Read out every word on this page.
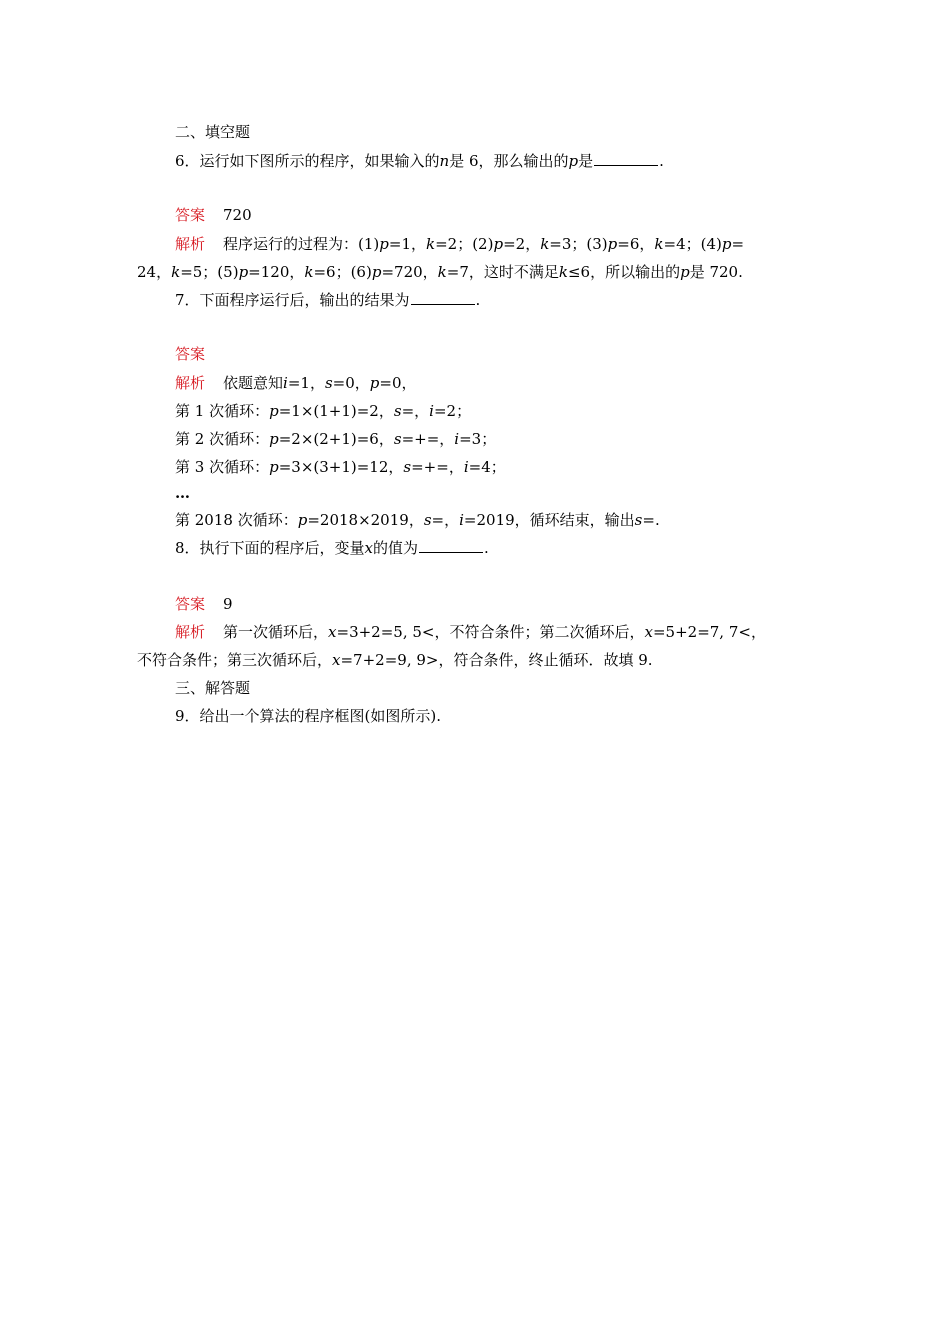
二、填空题
6．运行如下图所示的程序，如果输入的n是 6，那么输出的p是	.
答案 720
解析 程序运行的过程为：(1)p=1，k=2；(2)p=2，k=3；(3)p=6，k=4；(4)p=
24，k=5；(5)p=120，k=6；(6)p=720，k=7，这时不满足k≤6，所以输出的p是 720.
7．下面程序运行后，输出的结果为	.
答案
解析 依题意知i=1，s=0，p=0，
第 1 次循环：p=1×(1+1)=2，s=，i=2；
第 2 次循环：p=2×(2+1)=6，s=+=，i=3；
第 3 次循环：p=3×(3+1)=12，s=+=，i=4；
…
第 2018 次循环：p=2018×2019，s=，i=2019，循环结束，输出s=.
8．执行下面的程序后，变量x的值为	.
答案 9
解析 第一次循环后，x=3+2=5, 5<，不符合条件；第二次循环后，x=5+2=7, 7<，
不符合条件；第三次循环后，x=7+2=9, 9>，符合条件，终止循环．故填 9.
三、解答题
9．给出一个算法的程序框图(如图所示).
